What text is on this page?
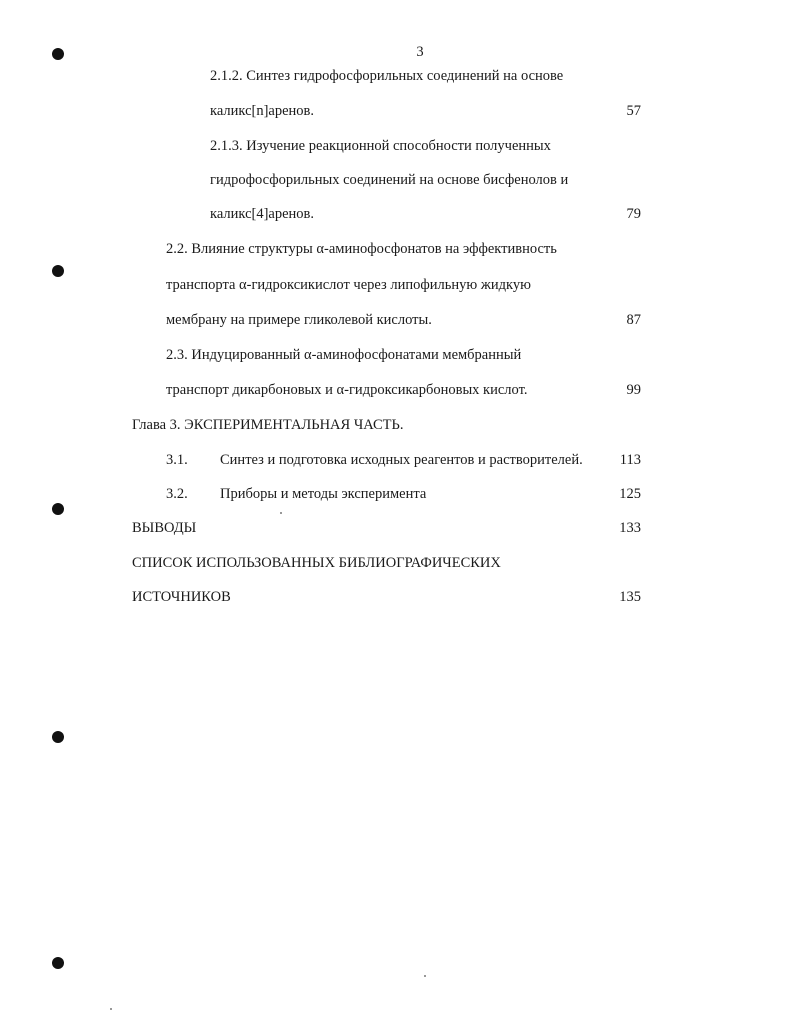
3
2.1.2. Синтез гидрофосфорильных соединений на основе
каликс[n]аренов.	57
2.1.3. Изучение реакционной способности полученных
гидрофосфорильных соединений на основе бисфенолов и
каликс[4]аренов.	79
2.2. Влияние структуры α-аминофосфонатов на эффективность
транспорта α-гидроксикислот через липофильную жидкую
мембрану на примере гликолевой кислоты.	87
2.3. Индуцированный α-аминофосфонатами мембранный
транспорт дикарбоновых и α-гидроксикарбоновых кислот.	99
Глава 3. ЭКСПЕРИМЕНТАЛЬНАЯ ЧАСТЬ.
3.1. Синтез и подготовка исходных реагентов и растворителей.	113
3.2. Приборы и методы эксперимента	125
ВЫВОДЫ	133
СПИСОК ИСПОЛЬЗОВАННЫХ БИБЛИОГРАФИЧЕСКИХ
ИСТОЧНИКОВ	135
